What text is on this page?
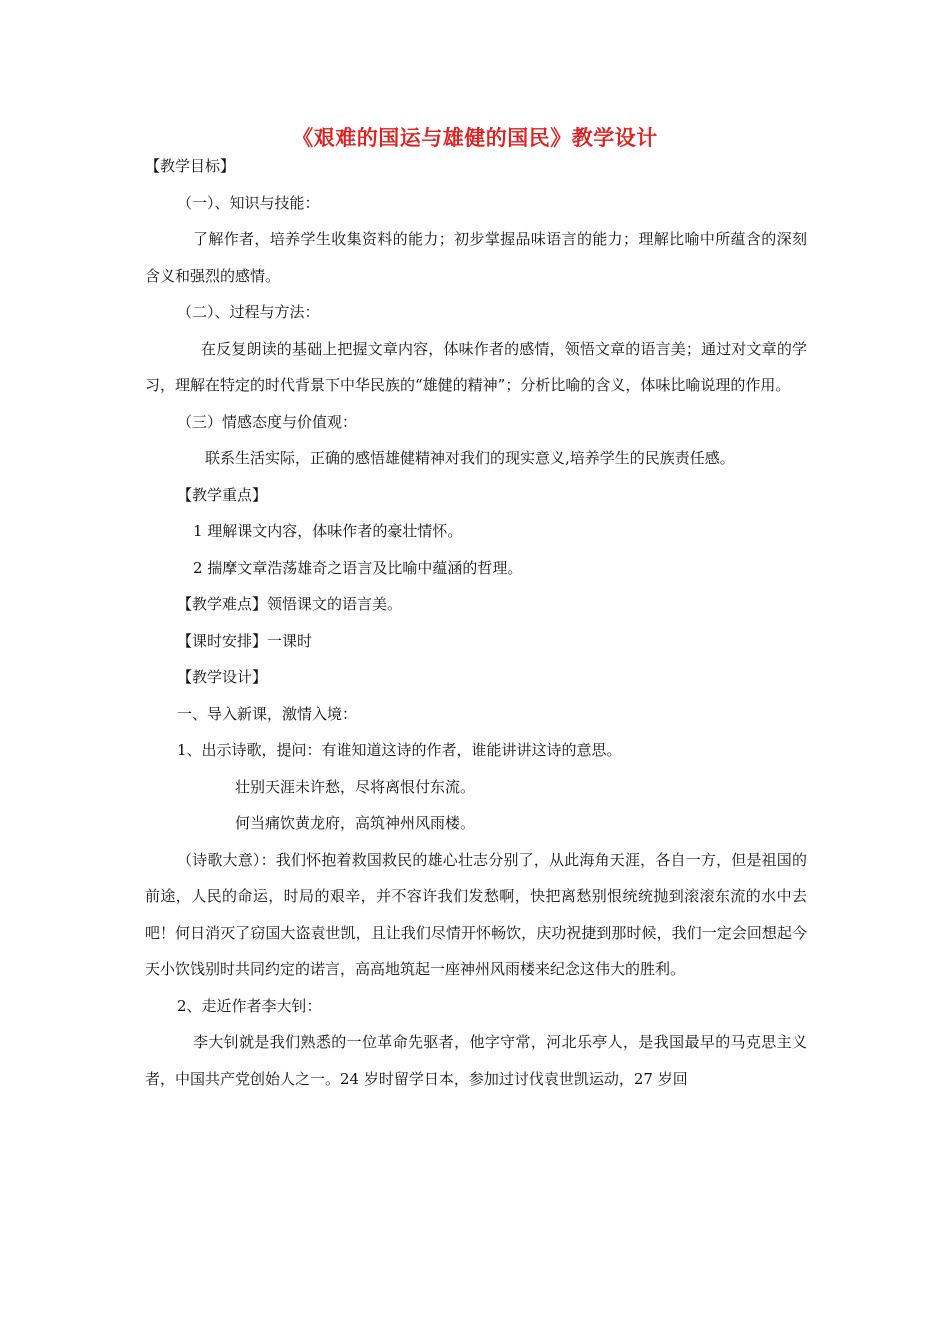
《艰难的国运与雄健的国民》教学设计
【教学目标】
（一）、知识与技能：
了解作者，培养学生收集资料的能力；初步掌握品味语言的能力；理解比喻中所蕴含的深刻含义和强烈的感情。
（二）、过程与方法：
在反复朗读的基础上把握文章内容，体味作者的感情，领悟文章的语言美；通过对文章的学习，理解在特定的时代背景下中华民族的“雄健的精神”；分析比喻的含义，体味比喻说理的作用。
（三）情感态度与价值观：
联系生活实际，正确的感悟雄健精神对我们的现实意义,培养学生的民族责任感。
【教学重点】
1 理解课文内容，体味作者的豪壮情怀。
2 揣摩文章浩荡雄奇之语言及比喻中蕴涵的哲理。
【教学难点】领悟课文的语言美。
【课时安排】一课时
【教学设计】
一、导入新课，激情入境：
1、出示诗歌，提问：有谁知道这诗的作者，谁能讲讲这诗的意思。
壮别天涯未许愁，尽将离恨付东流。
何当痛饮黄龙府，高筑神州风雨楼。
（诗歌大意）：我们怀抱着救国救民的雄心壮志分别了，从此海角天涯，各自一方，但是祖国的前途，人民的命运，时局的艰辛，并不容许我们发愁啊，快把离愁别恨统统抛到滚滚东流的水中去吧！何日消灭了窃国大盗袁世凯，且让我们尽情开怀畅饮，庆功祝捷到那时候，我们一定会回想起今天小饮饯别时共同约定的诺言，高高地筑起一座神州风雨楼来纪念这伟大的胜利。
2、走近作者李大钊：
李大钊就是我们熟悉的一位革命先驱者，他字守常，河北乐亭人，是我国最早的马克思主义者，中国共产党创始人之一。24 岁时留学日本，参加过讨伐袁世凯运动，27 岁回
